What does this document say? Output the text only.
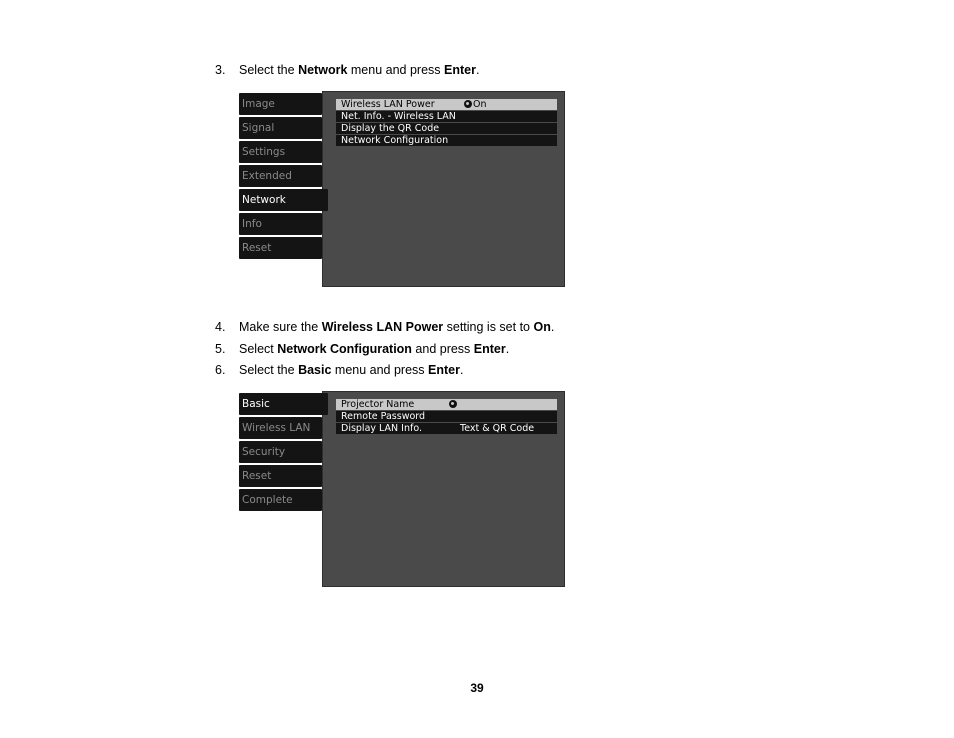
3. Select the Network menu and press Enter.
Image
Signal
Settings
Extended
Wireless LAN Power	On
Net. Info. - Wireless LAN
Display the QR Code
Network Configuration
Network
Info
Reset
4. Make sure the Wireless LAN Power setting is set to On.
5. Select Network Configuration and press Enter.
6. Select the Basic menu and press Enter.
Projector Name
Remote Password
Display LAN Info.	Text & QR Code
Basic
Wireless LAN
Security
Reset
Complete
39
